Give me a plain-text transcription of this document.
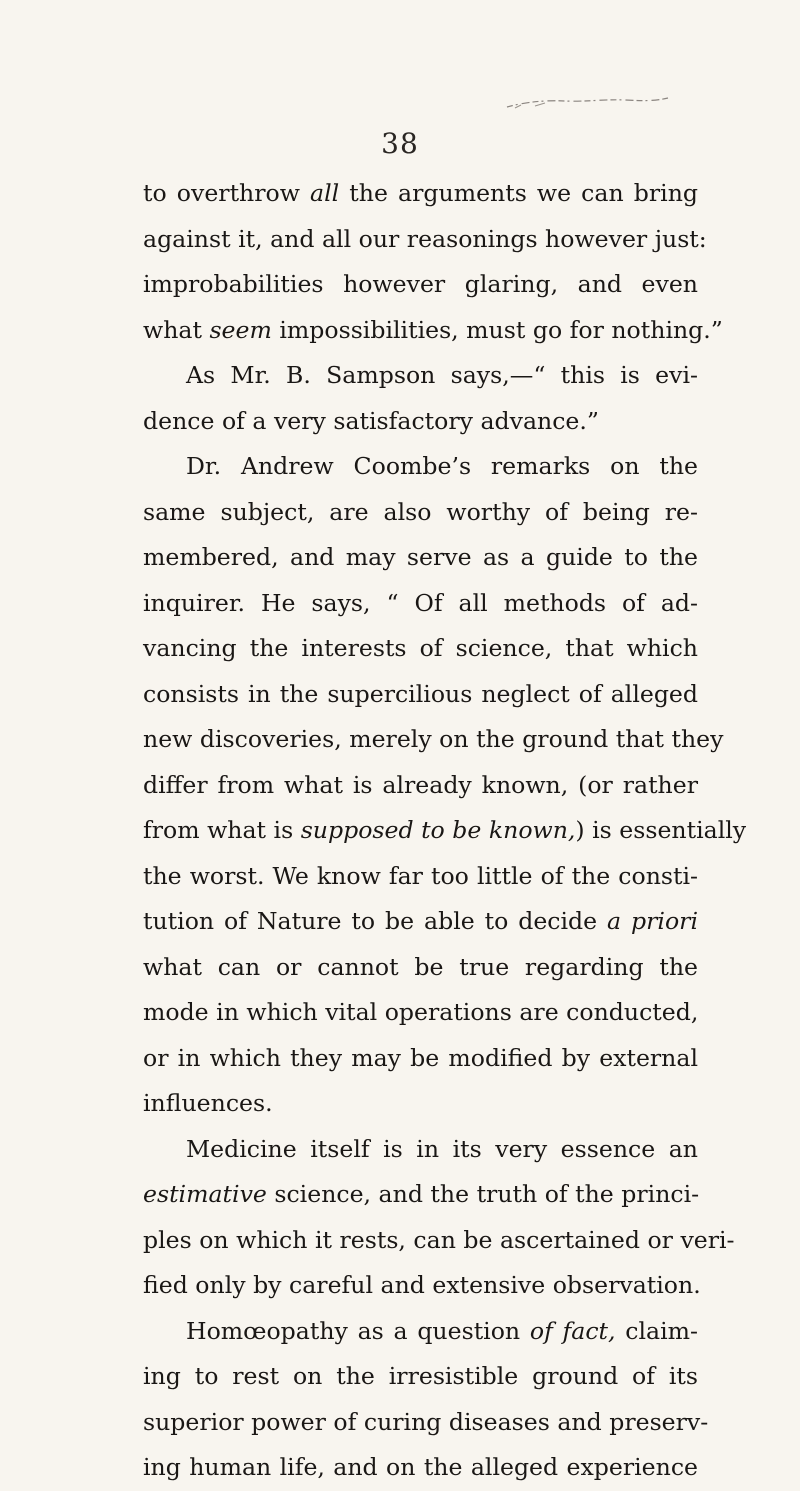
38
to overthrow all the arguments we can bring
against it, and all our reasonings however just:
improbabilities however glaring, and even
what seem impossibilities, must go for nothing.”
As Mr. B. Sampson says,—“ this is evi-
dence of a very satisfactory advance.”
Dr. Andrew Coombe’s remarks on the
same subject, are also worthy of being re-
membered, and may serve as a guide to the
inquirer. He says, “ Of all methods of ad-
vancing the interests of science, that which
consists in the supercilious neglect of alleged
new discoveries, merely on the ground that they
differ from what is already known, (or rather
from what is supposed to be known,) is essentially
the worst. We know far too little of the consti-
tution of Nature to be able to decide a priori
what can or cannot be true regarding the
mode in which vital operations are conducted,
or in which they may be modified by external
influences.
Medicine itself is in its very essence an
estimative science, and the truth of the princi-
ples on which it rests, can be ascertained or veri-
fied only by careful and extensive observation.
Homœopathy as a question of fact, claim-
ing to rest on the irresistible ground of its
superior power of curing diseases and preserv-
ing human life, and on the alleged experience
